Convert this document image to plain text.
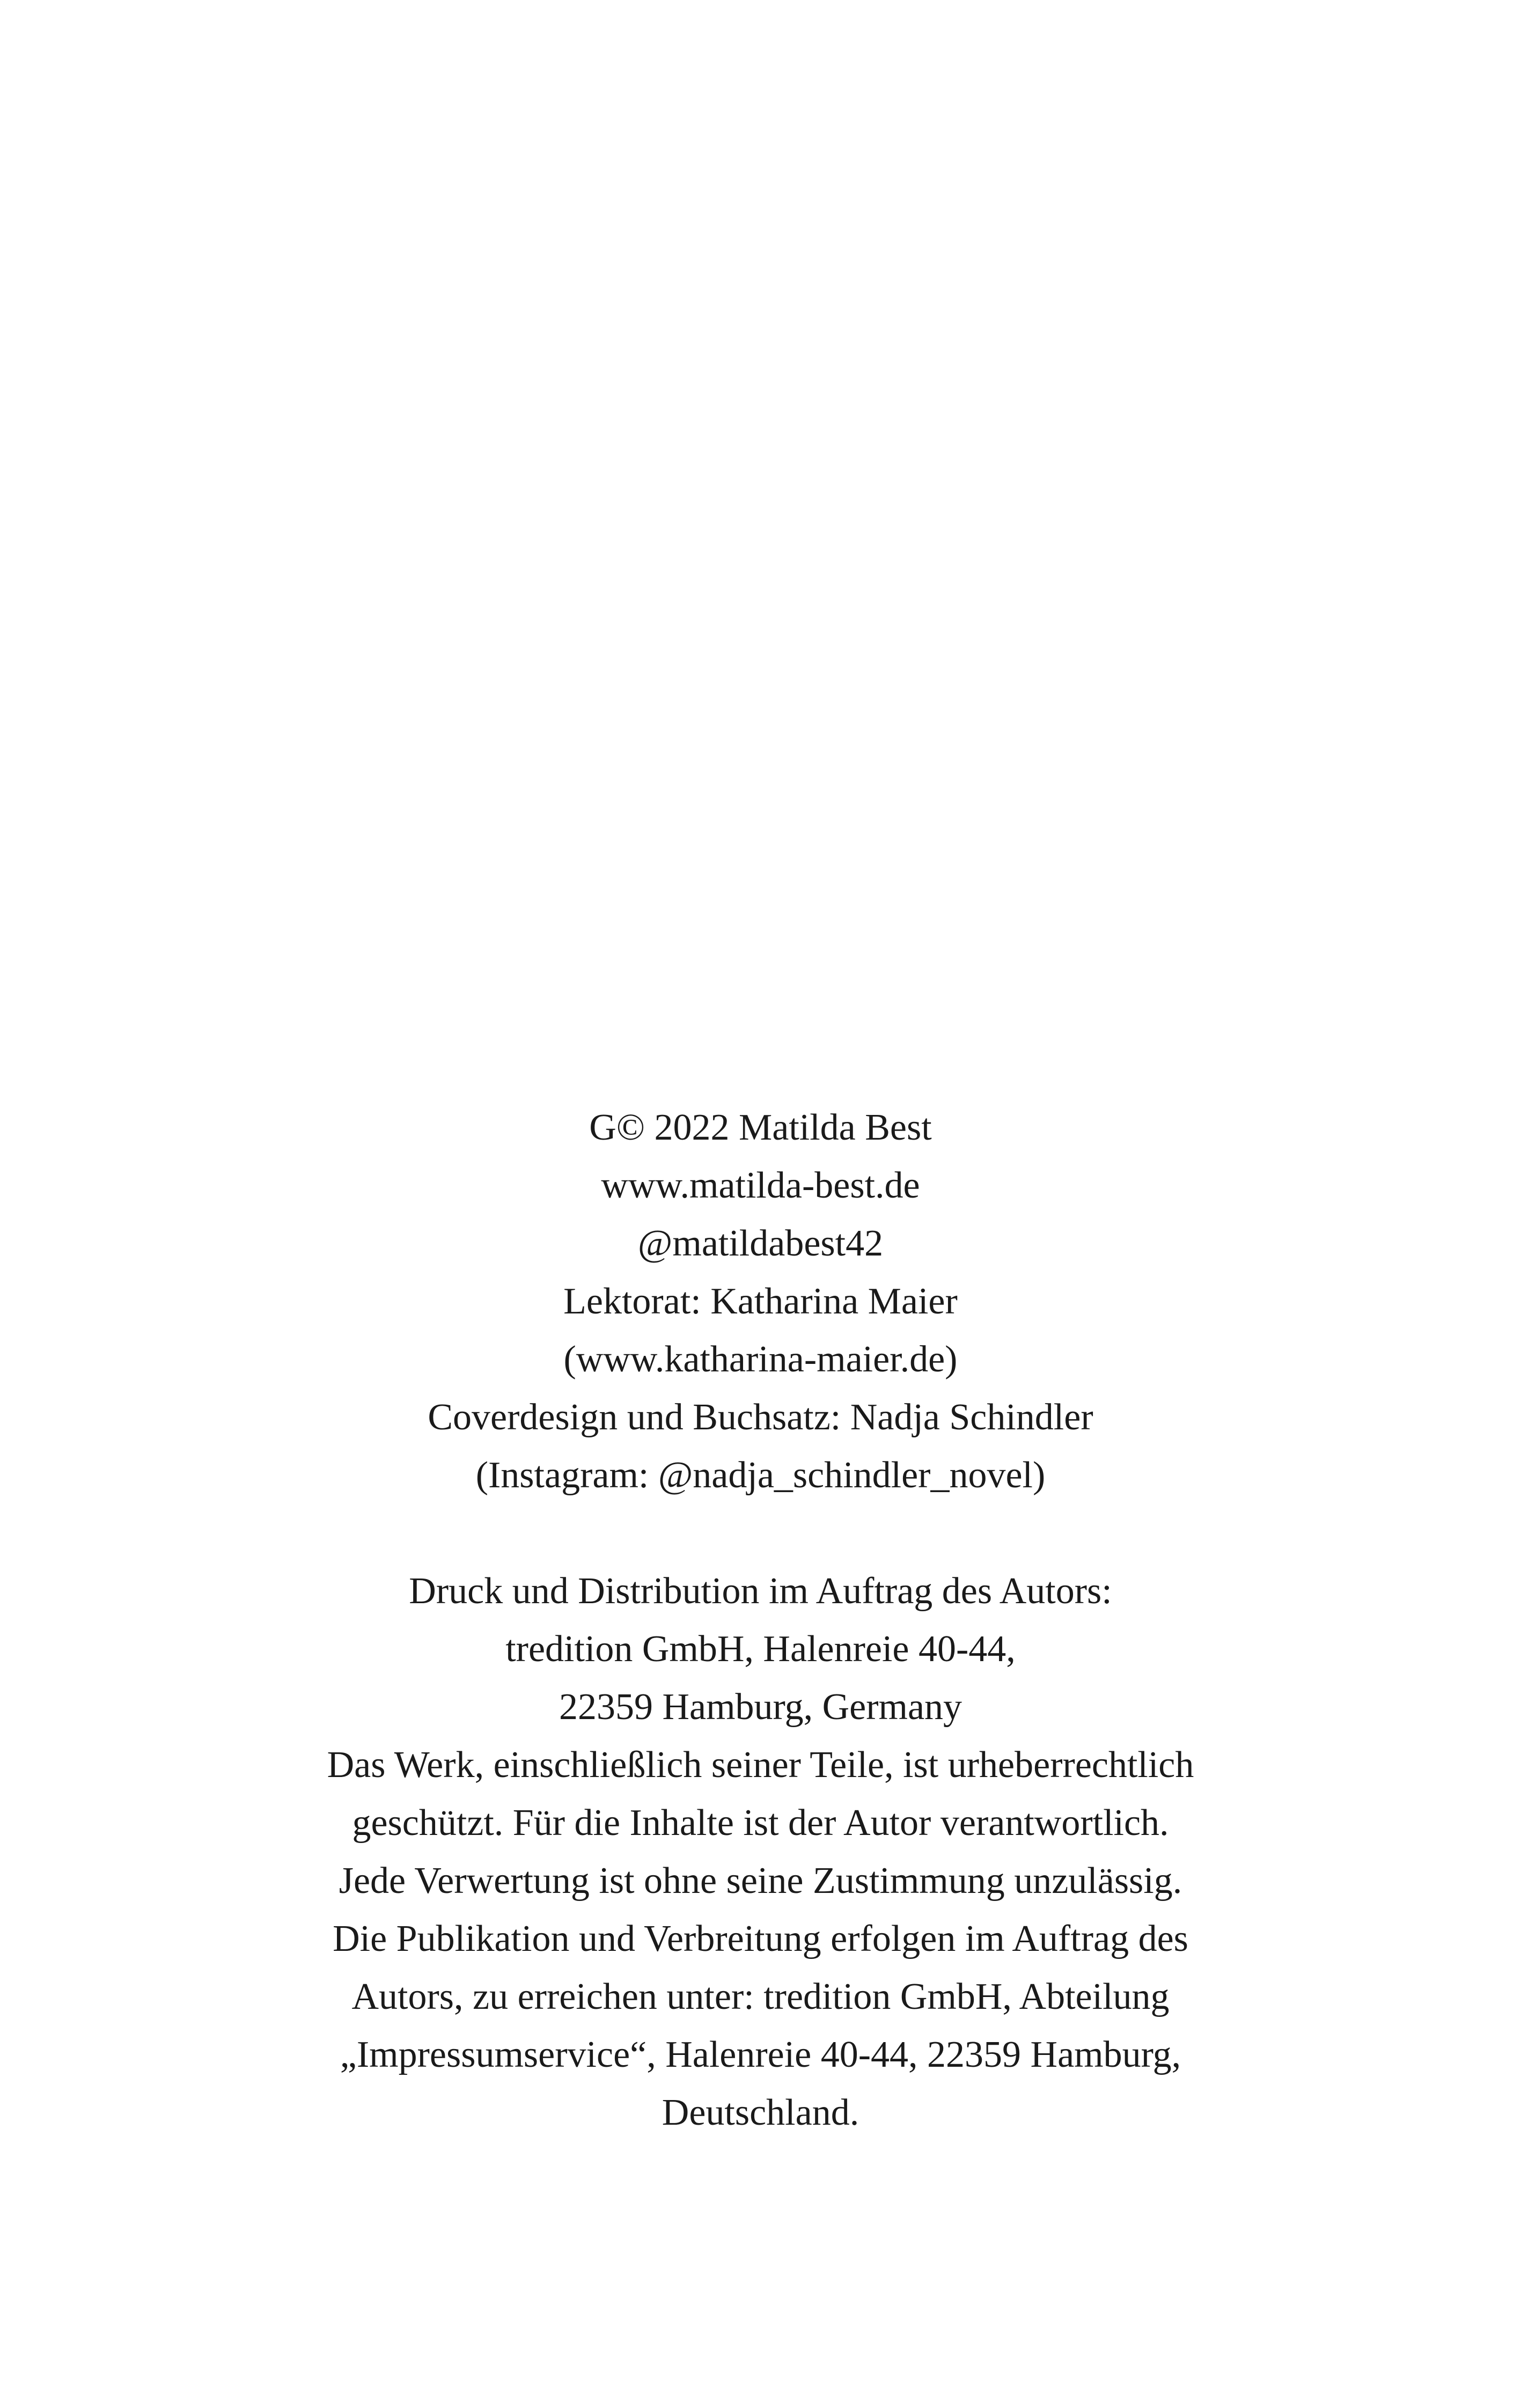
G© 2022 Matilda Best
www.matilda-best.de
@matildabest42
Lektorat: Katharina Maier
(www.katharina-maier.de)
Coverdesign und Buchsatz: Nadja Schindler
(Instagram: @nadja_schindler_novel)
Druck und Distribution im Auftrag des Autors:
tredition GmbH, Halenreie 40-44,
22359 Hamburg, Germany
Das Werk, einschließlich seiner Teile, ist urheberrechtlich
geschützt. Für die Inhalte ist der Autor verantwortlich.
Jede Verwertung ist ohne seine Zustimmung unzulässig.
Die Publikation und Verbreitung erfolgen im Auftrag des
Autors, zu erreichen unter: tredition GmbH, Abteilung
„Impressumservice“, Halenreie 40-44, 22359 Hamburg,
Deutschland.
